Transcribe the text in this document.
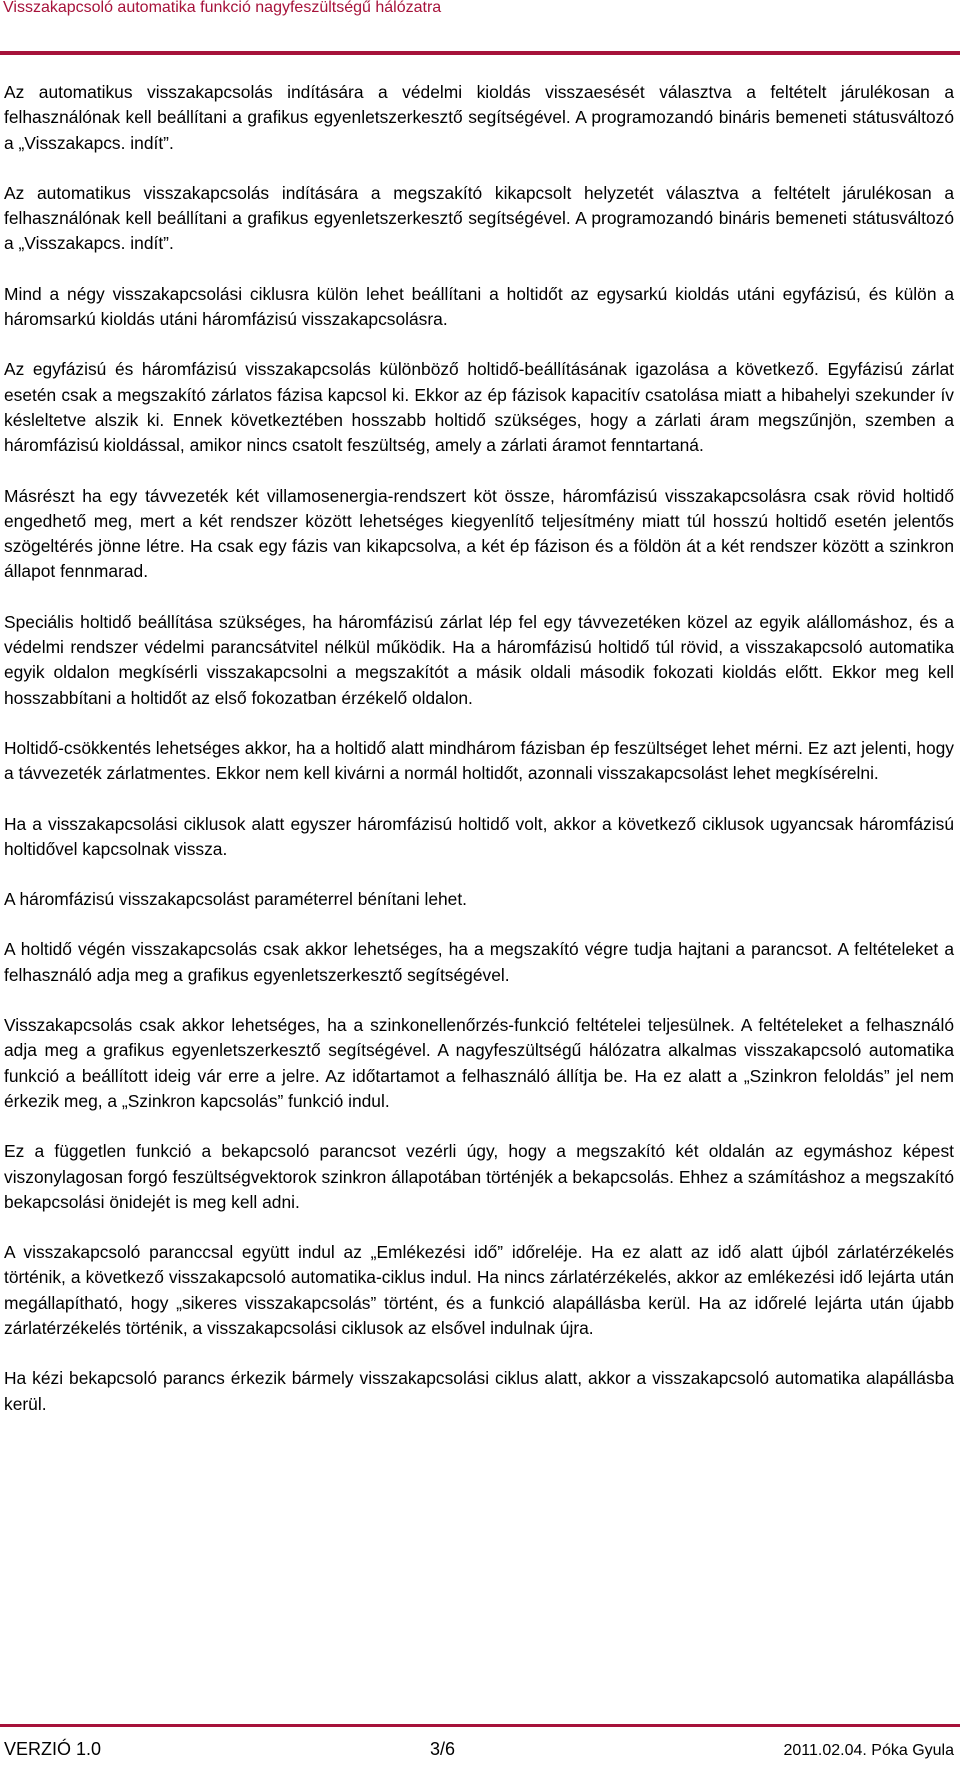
Visszakapcsoló automatika funkció nagyfeszültségű hálózatra

Az automatikus visszakapcsolás indítására a védelmi kioldás visszaesését választva a feltételt járulékosan a felhasználónak kell beállítani a grafikus egyenletszerkesztő segítségével. A programozandó bináris bemeneti státusváltozó a „Visszakapcs. indít”.

Az automatikus visszakapcsolás indítására a megszakító kikapcsolt helyzetét választva a feltételt járulékosan a felhasználónak kell beállítani a grafikus egyenletszerkesztő segítségével. A programozandó bináris bemeneti státusváltozó a „Visszakapcs. indít”.

Mind a négy visszakapcsolási ciklusra külön lehet beállítani a holtidőt az egysarkú kioldás utáni egyfázisú, és külön a háromsarkú kioldás utáni háromfázisú visszakapcsolásra.

Az egyfázisú és háromfázisú visszakapcsolás különböző holtidő-beállításának igazolása a következő. Egyfázisú zárlat esetén csak a megszakító zárlatos fázisa kapcsol ki. Ekkor az ép fázisok kapacitív csatolása miatt a hibahelyi szekunder ív késleltetve alszik ki. Ennek következtében hosszabb holtidő szükséges, hogy a zárlati áram megszűnjön, szemben a háromfázisú kioldással, amikor nincs csatolt feszültség, amely a zárlati áramot fenntartaná.

Másrészt ha egy távvezeték két villamosenergia-rendszert köt össze, háromfázisú visszakapcsolásra csak rövid holtidő engedhető meg, mert a két rendszer között lehetséges kiegyenlítő teljesítmény miatt túl hosszú holtidő esetén jelentős szögeltérés jönne létre. Ha csak egy fázis van kikapcsolva, a két ép fázison és a földön át a két rendszer között a szinkron állapot fennmarad.

Speciális holtidő beállítása szükséges, ha háromfázisú zárlat lép fel egy távvezetéken közel az egyik alállomáshoz, és a védelmi rendszer védelmi parancsátvitel nélkül működik. Ha a háromfázisú holtidő túl rövid, a visszakapcsoló automatika egyik oldalon megkísérli visszakapcsolni a megszakítót a másik oldali második fokozati kioldás előtt. Ekkor meg kell hosszabbítani a holtidőt az első fokozatban érzékelő oldalon.

Holtidő-csökkentés lehetséges akkor, ha a holtidő alatt mindhárom fázisban ép feszültséget lehet mérni. Ez azt jelenti, hogy a távvezeték zárlatmentes. Ekkor nem kell kivárni a normál holtidőt, azonnali visszakapcsolást lehet megkísérelni.

Ha a visszakapcsolási ciklusok alatt egyszer háromfázisú holtidő volt, akkor a következő ciklusok ugyancsak háromfázisú holtidővel kapcsolnak vissza.

A háromfázisú visszakapcsolást paraméterrel bénítani lehet.

A holtidő végén visszakapcsolás csak akkor lehetséges, ha a megszakító végre tudja hajtani a parancsot. A feltételeket a felhasználó adja meg a grafikus egyenletszerkesztő segítségével.

Visszakapcsolás csak akkor lehetséges, ha a szinkonellenőrzés-funkció feltételei teljesülnek. A feltételeket a felhasználó adja meg a grafikus egyenletszerkesztő segítségével. A nagyfeszültségű hálózatra alkalmas visszakapcsoló automatika funkció a beállított ideig vár erre a jelre. Az időtartamot a felhasználó állítja be. Ha ez alatt a „Szinkron feloldás” jel nem érkezik meg, a „Szinkron kapcsolás” funkció indul.

Ez a független funkció a bekapcsoló parancsot vezérli úgy, hogy a megszakító két oldalán az egymáshoz képest viszonylagosan forgó feszültségvektorok szinkron állapotában történjék a bekapcsolás. Ehhez a számításhoz a megszakító bekapcsolási önidejét is meg kell adni.

A visszakapcsoló paranccsal együtt indul az „Emlékezési idő” időreléje. Ha ez alatt az idő alatt újból zárlatérzékelés történik, a következő visszakapcsoló automatika-ciklus indul. Ha nincs zárlatérzékelés, akkor az emlékezési idő lejárta után megállapítható, hogy „sikeres visszakapcsolás” történt, és a funkció alapállásba kerül. Ha az időrelé lejárta után újabb zárlatérzékelés történik, a visszakapcsolási ciklusok az elsővel indulnak újra.

Ha kézi bekapcsoló parancs érkezik bármely visszakapcsolási ciklus alatt, akkor a visszakapcsoló automatika alapállásba kerül.

VERZIÓ 1.0	3/6	2011.02.04. Póka Gyula
